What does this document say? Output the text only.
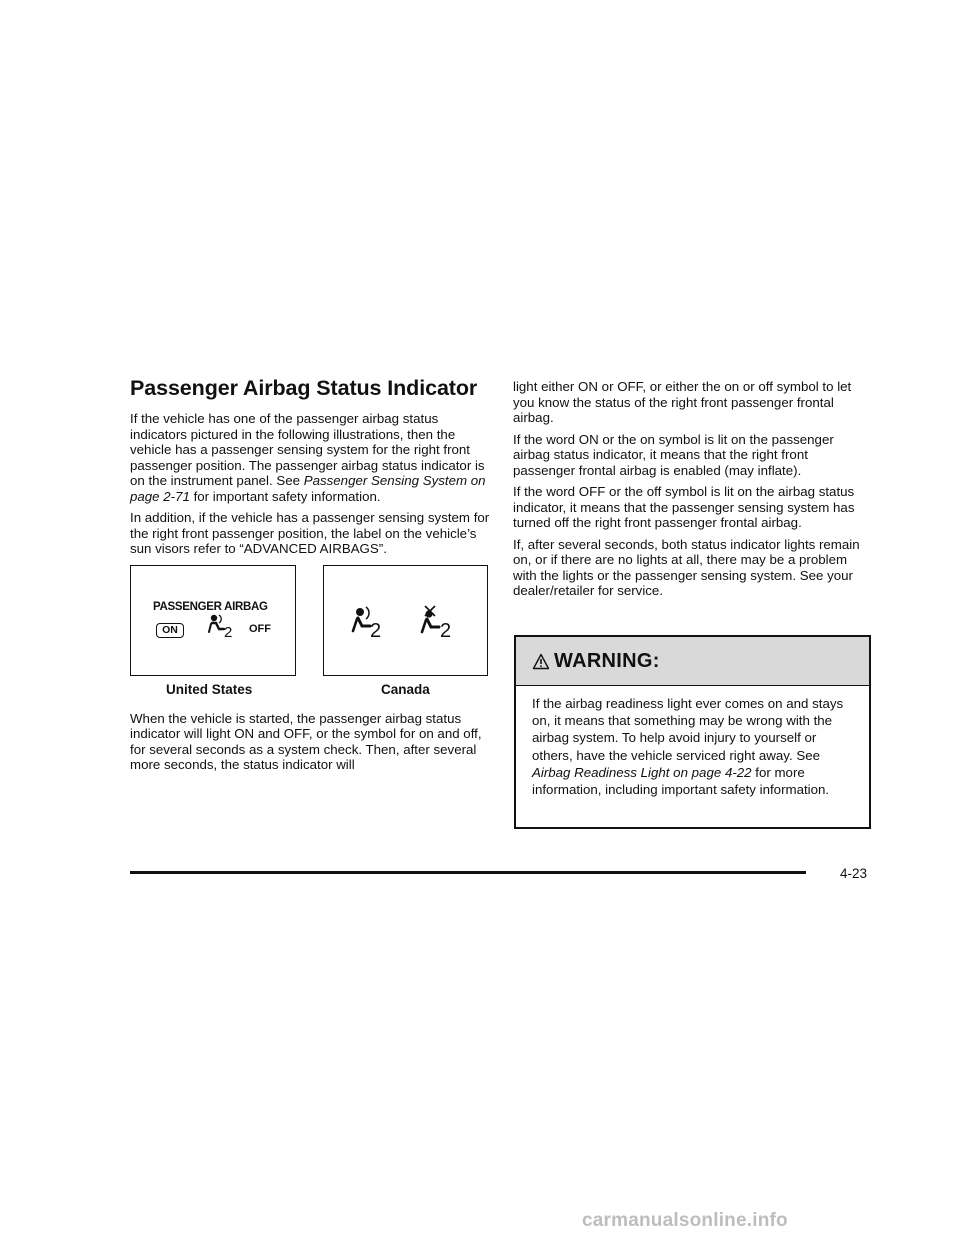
Passenger Airbag Status Indicator

If the vehicle has one of the passenger airbag status indicators pictured in the following illustrations, then the vehicle has a passenger sensing system for the right front passenger position. The passenger airbag status indicator is on the instrument panel. See Passenger Sensing System on page 2-71 for important safety information.

In addition, if the vehicle has a passenger sensing system for the right front passenger position, the label on the vehicle’s sun visors refer to “ADVANCED AIRBAGS”.

PASSENGER AIRBAG
ON	2 OFF
United States
2	2
Canada

When the vehicle is started, the passenger airbag status indicator will light ON and OFF, or the symbol for on and off, for several seconds as a system check. Then, after several more seconds, the status indicator will

light either ON or OFF, or either the on or off symbol to let you know the status of the right front passenger frontal airbag.

If the word ON or the on symbol is lit on the passenger airbag status indicator, it means that the right front passenger frontal airbag is enabled (may inflate).

If the word OFF or the off symbol is lit on the airbag status indicator, it means that the passenger sensing system has turned off the right front passenger frontal airbag.

If, after several seconds, both status indicator lights remain on, or if there are no lights at all, there may be a problem with the lights or the passenger sensing system. See your dealer/retailer for service.

WARNING:
If the airbag readiness light ever comes on and stays on, it means that something may be wrong with the airbag system. To help avoid injury to yourself or others, have the vehicle serviced right away. See Airbag Readiness Light on page 4-22 for more information, including important safety information.
4-23
carmanualsonline.info
